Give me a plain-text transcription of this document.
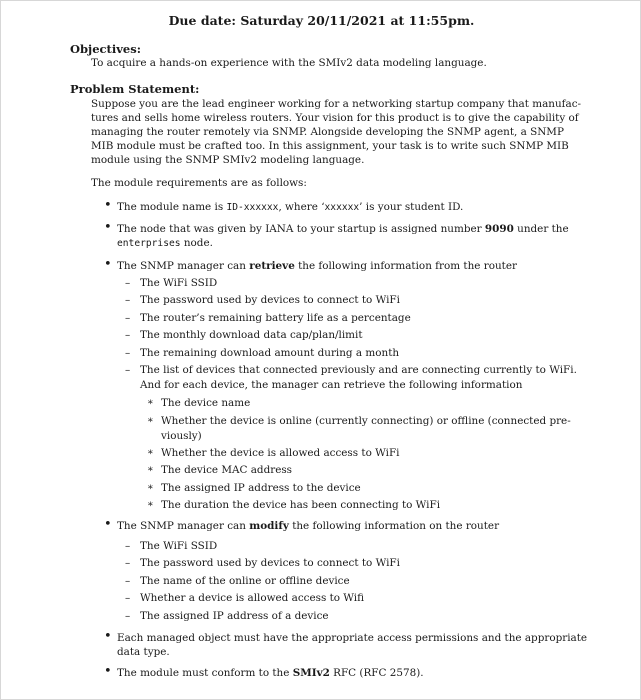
Due date: Saturday 20/11/2021 at 11:55pm.
Objectives:
To acquire a hands-on experience with the SMIv2 data modeling language.
Problem Statement:
Suppose you are the lead engineer working for a networking startup company that manufac-
tures and sells home wireless routers. Your vision for this product is to give the capability of
managing the router remotely via SNMP. Alongside developing the SNMP agent, a SNMP
MIB module must be crafted too. In this assignment, your task is to write such SNMP MIB
module using the SNMP SMIv2 modeling language.
The module requirements are as follows:
• The module name is ID-xxxxxx, where ‘xxxxxx’ is your student ID.
• The node that was given by IANA to your startup is assigned number 9090 under the
enterprises node.
• The SNMP manager can retrieve the following information from the router
– The WiFi SSID
– The password used by devices to connect to WiFi
– The router’s remaining battery life as a percentage
– The monthly download data cap/plan/limit
– The remaining download amount during a month
– The list of devices that connected previously and are connecting currently to WiFi.
And for each device, the manager can retrieve the following information
∗ The device name
∗ Whether the device is online (currently connecting) or offline (connected pre-
viously)
∗ Whether the device is allowed access to WiFi
∗ The device MAC address
∗ The assigned IP address to the device
∗ The duration the device has been connecting to WiFi
• The SNMP manager can modify the following information on the router
– The WiFi SSID
– The password used by devices to connect to WiFi
– The name of the online or offline device
– Whether a device is allowed access to Wifi
– The assigned IP address of a device
• Each managed object must have the appropriate access permissions and the appropriate
data type.
• The module must conform to the SMIv2 RFC (RFC 2578).
